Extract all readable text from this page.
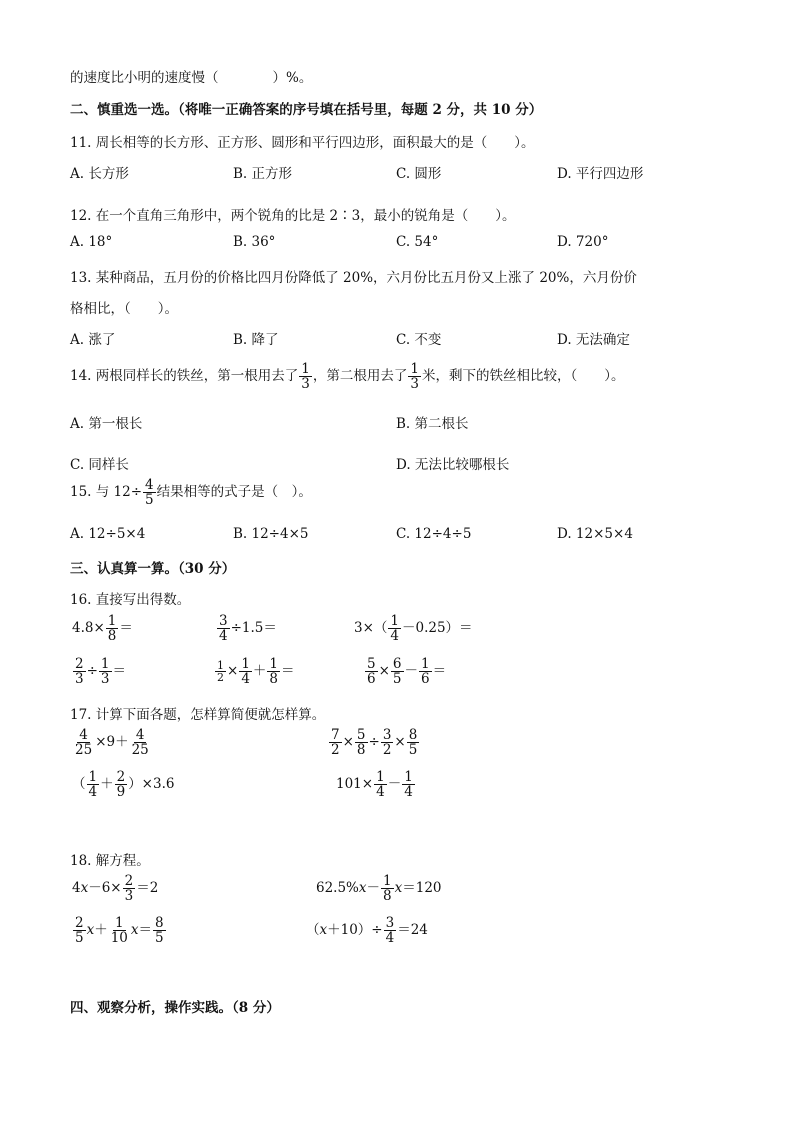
的速度比小明的速度慢（　　　　）%。
二、慎重选一选。（将唯一正确答案的序号填在括号里，每题 2 分，共 10 分）
11. 周长相等的长方形、正方形、圆形和平行四边形，面积最大的是（　　）。
A. 长方形	B. 正方形	C. 圆形	D. 平行四边形
12. 在一个直角三角形中，两个锐角的比是 2∶3，最小的锐角是（　　）。
A. 18°	B. 36°	C. 54°	D. 720°
13. 某种商品，五月份的价格比四月份降低了 20%，六月份比五月份又上涨了 20%，六月份价
格相比，（　　）。
A. 涨了	B. 降了	C. 不变	D. 无法确定
14. 两根同样长的铁丝，第一根用去了 $\frac{1}{3}$ ，第二根用去了 $\frac{1}{3}$ 米，剩下的铁丝相比较，（　　）。
A. 第一根长	B. 第二根长
C. 同样长	D. 无法比较哪根长
15. 与 $12\div \frac{4}{5}$ 结果相等的式子是（　）。
A. 12÷5×4	B. 12÷4×5	C. 12÷4÷5	D. 12×5×4
三、认真算一算。（30 分）
16. 直接写出得数。
$4.8\times \frac{1}{8}$ ＝	$\frac{3}{4} \div 1.5=$	$3\times( \frac{1}{4} -0.25)=$
$\frac{2}{3} \div \frac{1}{3}$ ＝	$\frac{1}{2} \times \frac{1}{4} + \frac{1}{8}$ ＝	$\frac{5}{6} \times \frac{6}{5} - \frac{1}{6}$ ＝
17. 计算下面各题，怎样算简便就怎样算。
$\frac{4}{25} \times 9+ \frac{4}{25}$	$\frac{7}{2} \times \frac{5}{8} \div \frac{3}{2} \times \frac{8}{5}$
（ $\frac{1}{4} + \frac{2}{9} )\times 3.6$	$101\times \frac{1}{4} - \frac{1}{4}$
18. 解方程。
$4x-6\times \frac{2}{3} =2$	$62.5\%x- \frac{1}{8} x=120$
$\frac{2}{5} x+ \frac{1}{10} x= \frac{8}{5}$	$(x+10)\div \frac{3}{4} =24$
四、观察分析，操作实践。（8 分）
